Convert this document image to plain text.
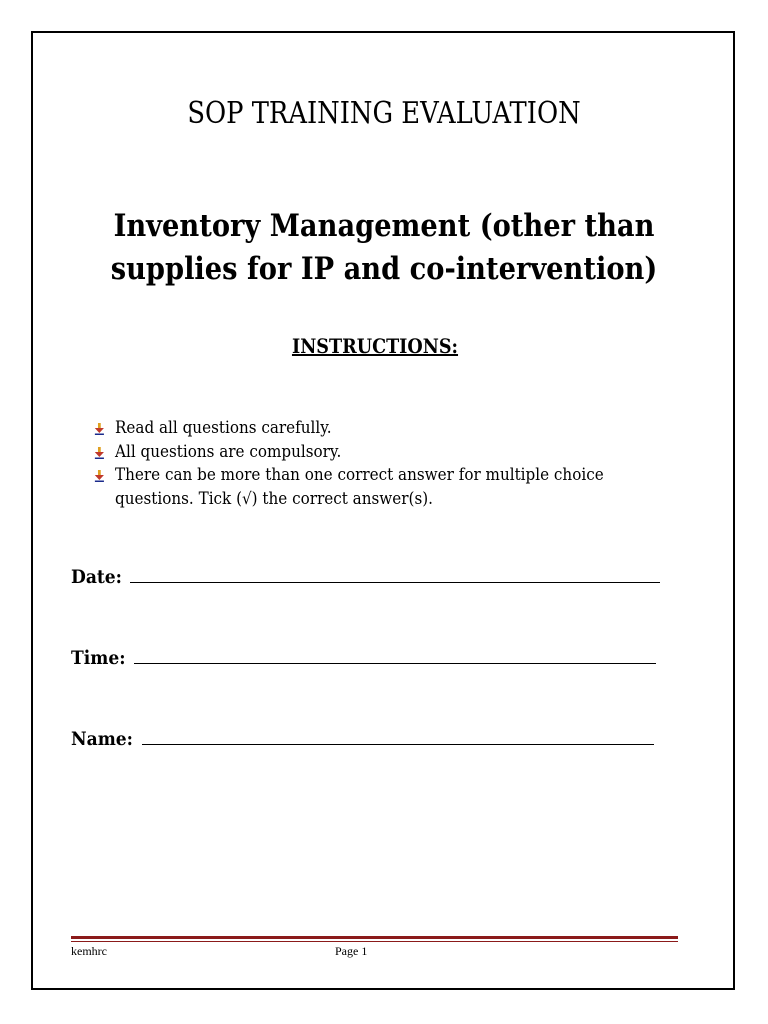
SOP TRAINING EVALUATION
Inventory Management (other than
supplies for IP and co-intervention)
INSTRUCTIONS:
Read all questions carefully.
All questions are compulsory.
There can be more than one correct answer for multiple choice questions. Tick (√) the correct answer(s).
Date:
Time:
Name:
kemhrc	Page 1
